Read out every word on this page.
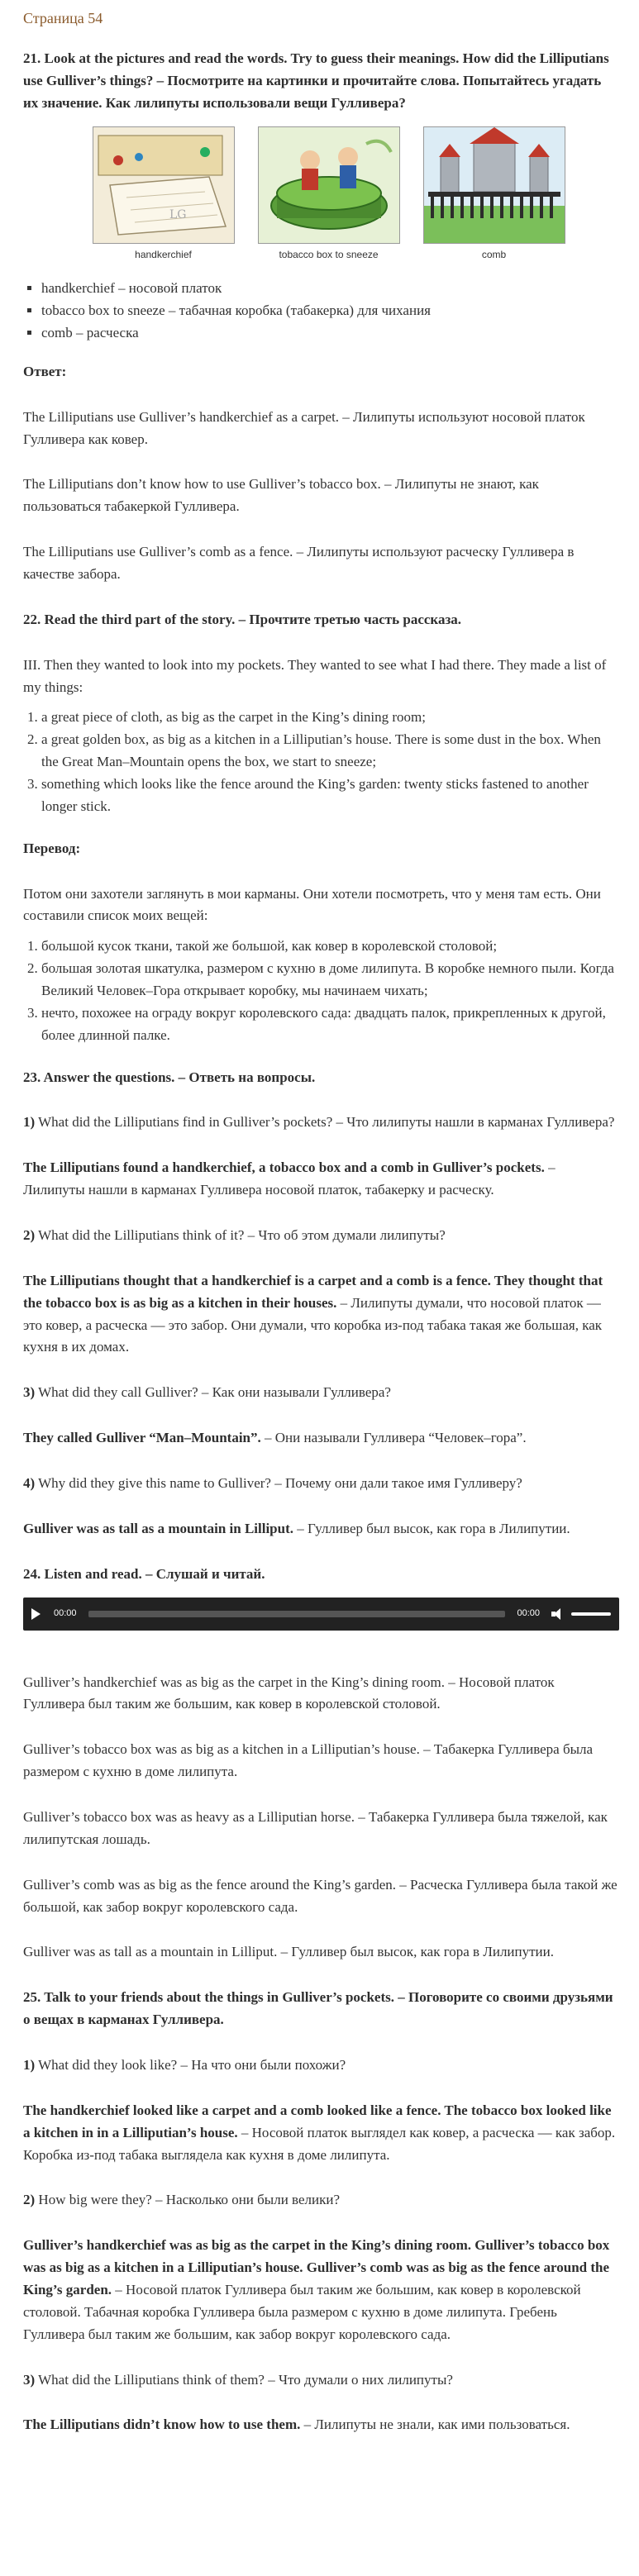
Страница 54
21. Look at the pictures and read the words. Try to guess their meanings. How did the Lilliputians use Gulliver’s things? – Посмотрите на картинки и прочитайте слова. Попытайтесь угадать их значение. Как лилипуты использовали вещи Гулливера?
LG
handkerchief	tobacco box to sneeze	comb
▪ handkerchief – носовой платок
▪ tobacco box to sneeze – табачная коробка (табакерка) для чихания
▪ comb – расческа

Ответ:

The Lilliputians use Gulliver’s handkerchief as a carpet. – Лилипуты используют носовой платок Гулливера как ковер.

The Lilliputians don’t know how to use Gulliver’s tobacco box. – Лилипуты не знают, как пользоваться табакеркой Гулливера.

The Lilliputians use Gulliver’s comb as a fence. – Лилипуты используют расческу Гулливера в качестве забора.

22. Read the third part of the story. – Прочтите третью часть рассказа.

III. Then they wanted to look into my pockets. They wanted to see what I had there. They made a list of my things:

1. a great piece of cloth, as big as the carpet in the King’s dining room;
2. a great golden box, as big as a kitchen in a Lilliputian’s house. There is some dust in the box. When the Great Man–Mountain opens the box, we start to sneeze;
3. something which looks like the fence around the King’s garden: twenty sticks fastened to another longer stick.

Перевод:

Потом они захотели заглянуть в мои карманы. Они хотели посмотреть, что у меня там есть. Они составили список моих вещей:

1. большой кусок ткани, такой же большой, как ковер в королевской столовой;
2. большая золотая шкатулка, размером с кухню в доме лилипута. В коробке немного пыли. Когда Великий Человек–Гора открывает коробку, мы начинаем чихать;
3. нечто, похожее на ограду вокруг королевского сада: двадцать палок, прикрепленных к другой, более длинной палке.
23. Answer the questions. – Ответь на вопросы.

1) What did the Lilliputians find in Gulliver’s pockets? – Что лилипуты нашли в карманах Гулливера?

The Lilliputians found a handkerchief, a tobacco box and a comb in Gulliver’s pockets. – Лилипуты нашли в карманах Гулливера носовой платок, табакерку и расческу.

2) What did the Lilliputians think of it? – Что об этом думали лилипуты?

The Lilliputians thought that a handkerchief is a carpet and a comb is a fence. They thought that the tobacco box is as big as a kitchen in their houses. – Лилипуты думали, что носовой платок — это ковер, а расческа — это забор. Они думали, что коробка из-под табака такая же большая, как кухня в их домах.

3) What did they call Gulliver? – Как они называли Гулливера?

They called Gulliver “Man–Mountain”. – Они называли Гулливера “Человек–гора”.

4) Why did they give this name to Gulliver? – Почему они дали такое имя Гулливеру?

Gulliver was as tall as a mountain in Lilliput. – Гулливер был высок, как гора в Лилипутии.

24. Listen and read. – Слушай и читай.
00:00	00:00

Gulliver’s handkerchief was as big as the carpet in the King’s dining room. – Носовой платок Гулливера был таким же большим, как ковер в королевской столовой.

Gulliver’s tobacco box was as big as a kitchen in a Lilliputian’s house. – Табакерка Гулливера была размером с кухню в доме лилипута.

Gulliver’s tobacco box was as heavy as a Lilliputian horse. – Табакерка Гулливера была тяжелой, как лилипутская лошадь.

Gulliver’s comb was as big as the fence around the King’s garden. – Расческа Гулливера была такой же большой, как забор вокруг королевского сада.

Gulliver was as tall as a mountain in Lilliput. – Гулливер был высок, как гора в Лилипутии.

25. Talk to your friends about the things in Gulliver’s pockets. – Поговорите со своими друзьями о вещах в карманах Гулливера.

1) What did they look like? – На что они были похожи?

The handkerchief looked like a carpet and a comb looked like a fence. The tobacco box looked like a kitchen in in a Lilliputian’s house. – Носовой платок выглядел как ковер, а расческа — как забор. Коробка из-под табака выглядела как кухня в доме лилипута.

2) How big were they? – Насколько они были велики?

Gulliver’s handkerchief was as big as the carpet in the King’s dining room. Gulliver’s tobacco box was as big as a kitchen in a Lilliputian’s house. Gulliver’s comb was as big as the fence around the King’s garden. – Носовой платок Гулливера был таким же большим, как ковер в королевской столовой. Табачная коробка Гулливера была размером с кухню в доме лилипута. Гребень Гулливера был таким же большим, как забор вокруг королевского сада.

3) What did the Lilliputians think of them? – Что думали о них лилипуты?

The Lilliputians didn’t know how to use them. – Лилипуты не знали, как ими пользоваться.
